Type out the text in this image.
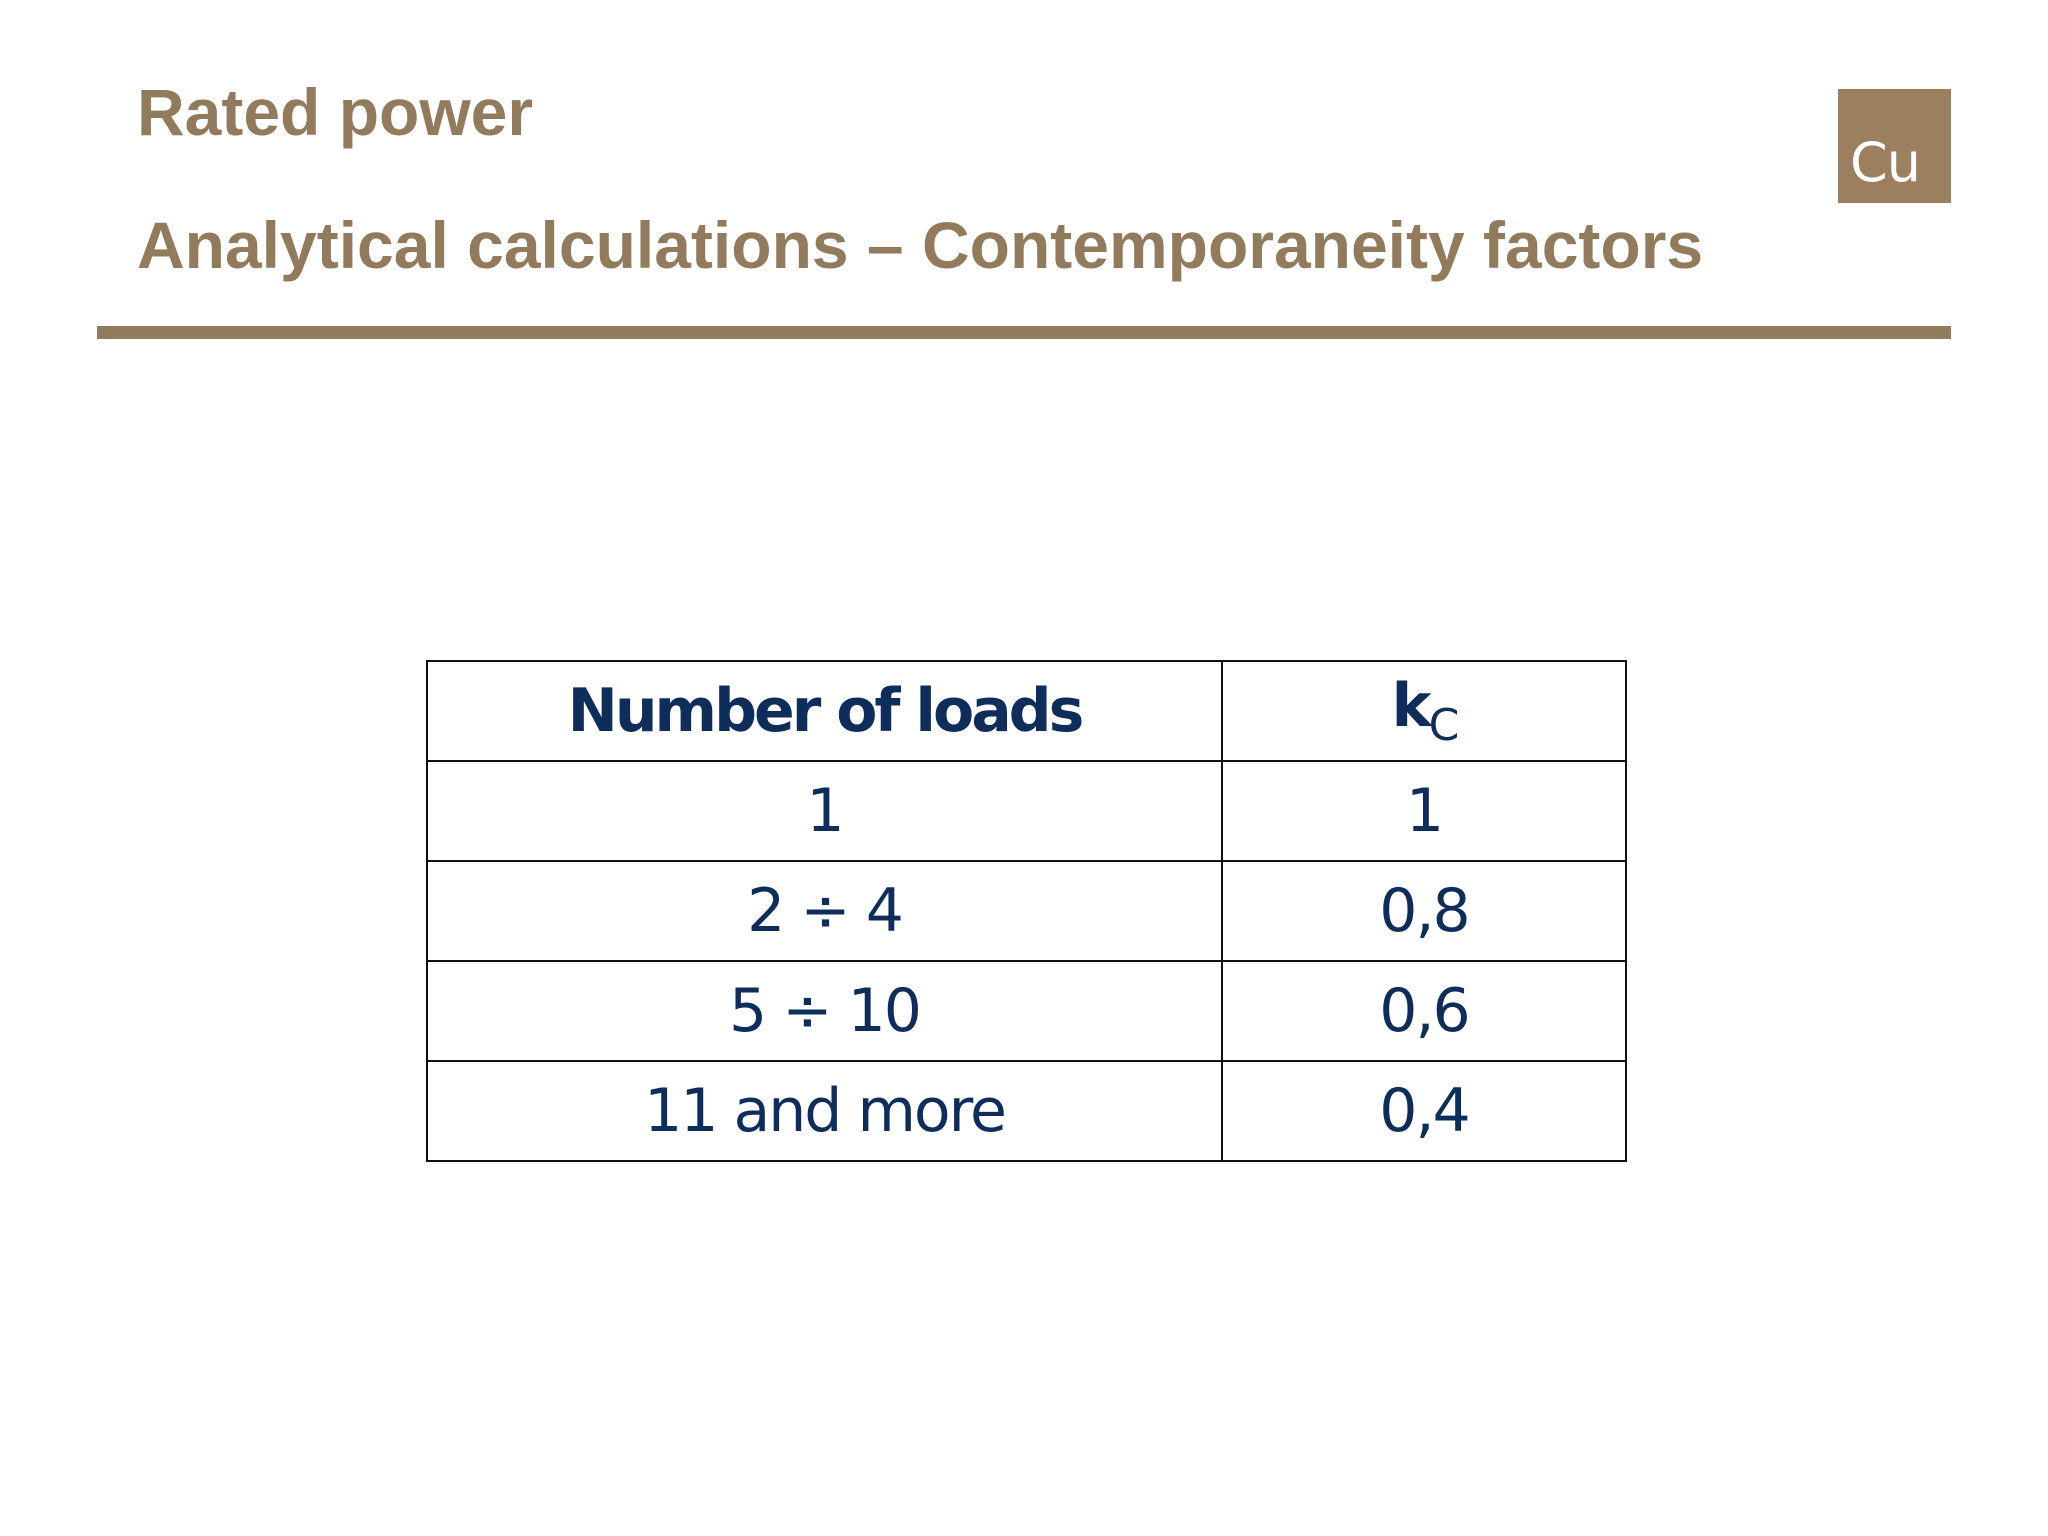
Rated power
Analytical calculations – Contemporaneity factors
Cu
Number of loads	$k_C$
1	1
2 ÷ 4	0,8
5 ÷ 10	0,6
11 and more	0,4
